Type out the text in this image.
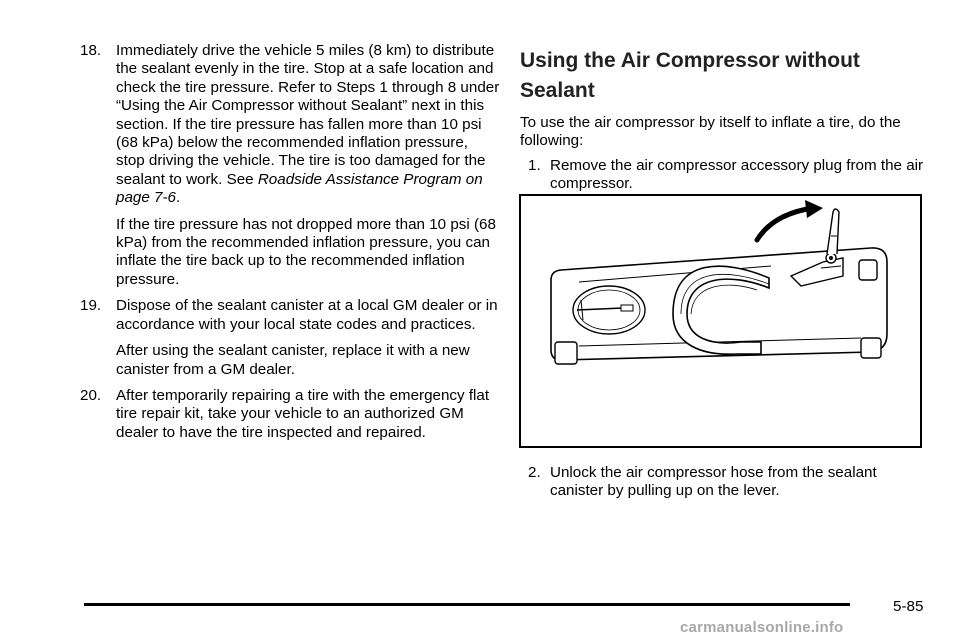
18. Immediately drive the vehicle 5 miles (8 km) to distribute the sealant evenly in the tire. Stop at a safe location and check the tire pressure. Refer to Steps 1 through 8 under “Using the Air Compressor without Sealant” next in this section. If the tire pressure has fallen more than 10 psi (68 kPa) below the recommended inflation pressure, stop driving the vehicle. The tire is too damaged for the sealant to work. See Roadside Assistance Program on page 7-6.

If the tire pressure has not dropped more than 10 psi (68 kPa) from the recommended inflation pressure, you can inflate the tire back up to the recommended inflation pressure.

19. Dispose of the sealant canister at a local GM dealer or in accordance with your local state codes and practices.

After using the sealant canister, replace it with a new canister from a GM dealer.

20. After temporarily repairing a tire with the emergency flat tire repair kit, take your vehicle to an authorized GM dealer to have the tire inspected and repaired.

Using the Air Compressor without Sealant

To use the air compressor by itself to inflate a tire, do the following:

1. Remove the air compressor accessory plug from the air compressor.
2. Unlock the air compressor hose from the sealant canister by pulling up on the lever.
5-85
carmanualsonline.info
